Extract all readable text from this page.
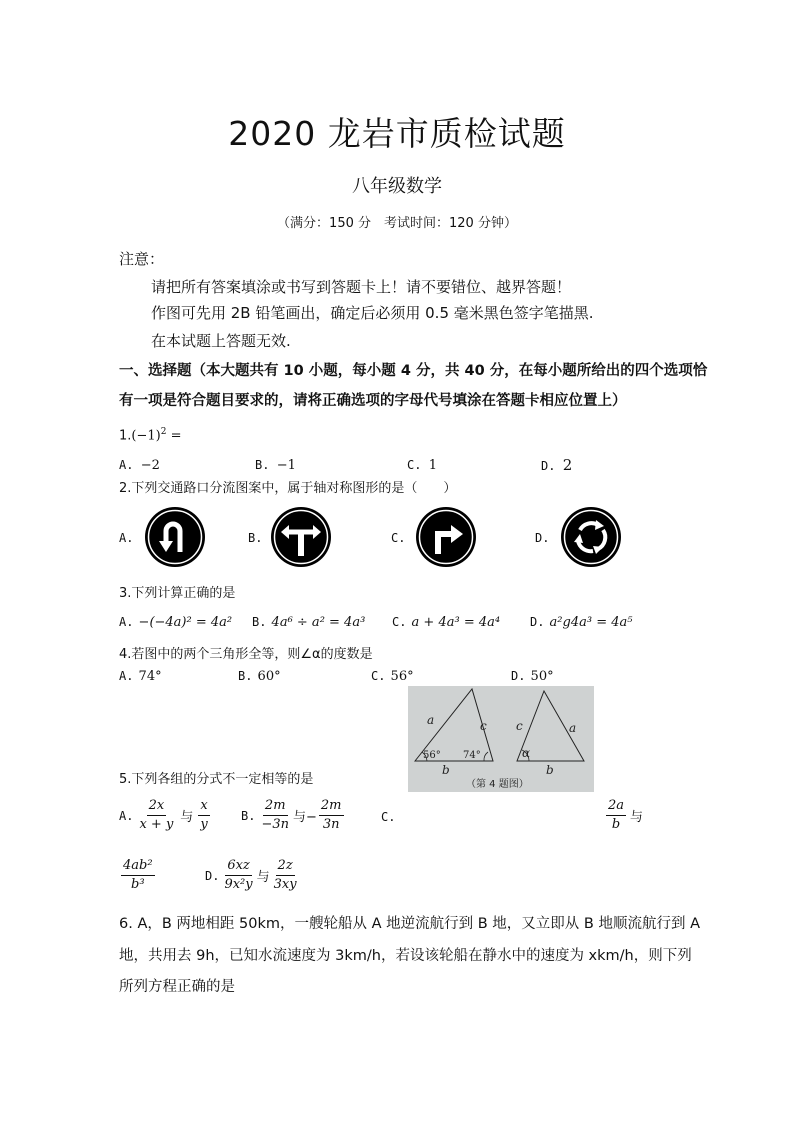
2020 龙岩市质检试题
八年级数学
（满分：150 分　考试时间：120 分钟）
注意：
请把所有答案填涂或书写到答题卡上！请不要错位、越界答题！
作图可先用 2B 铅笔画出，确定后必须用 0.5 毫米黑色签字笔描黑.
在本试题上答题无效.
一、选择题（本大题共有 10 小题，每小题 4 分，共 40 分，在每小题所给出的四个选项恰
有一项是符合题目要求的，请将正确选项的字母代号填涂在答题卡相应位置上）
$1.(-1)^2$ =
A. −2	B. −1	C. 1	D. 2
2.下列交通路口分流图案中，属于轴对称图形的是（　　）
A.	B.	C.	D.
3.下列计算正确的是
A. −(−4a)² = 4a² B. 4a⁶ ÷ a² = 4a³ C. a + 4a³ = 4a⁴ D. a²g4a³ = 4a⁵
4.若图中的两个三角形全等，则∠α的度数是
A. 74°	B. 60°	C. 56°	D. 50°
a	c
b
56° 74°
c	a
b
α
（第 4 题图）
5.下列各组的分式不一定相等的是
A. $\frac{2x}{x + y}$ 与 $\frac{x}{y}$	B. $\frac{2m}{-3n}$ 与− $\frac{2m}{3n}$	C.	$\frac{2a}{b}$ 与
$\frac{\text{4ab²}}{\text{b³}}$	D. $\frac{6xz}{\text{9x²y}}$ 与 $\frac{2z}{3xy}$
6. A，B 两地相距 50km，一艘轮船从 A 地逆流航行到 B 地，又立即从 B 地顺流航行到 A
地，共用去 9h，已知水流速度为 3km/h，若设该轮船在静水中的速度为 xkm/h，则下列
所列方程正确的是
